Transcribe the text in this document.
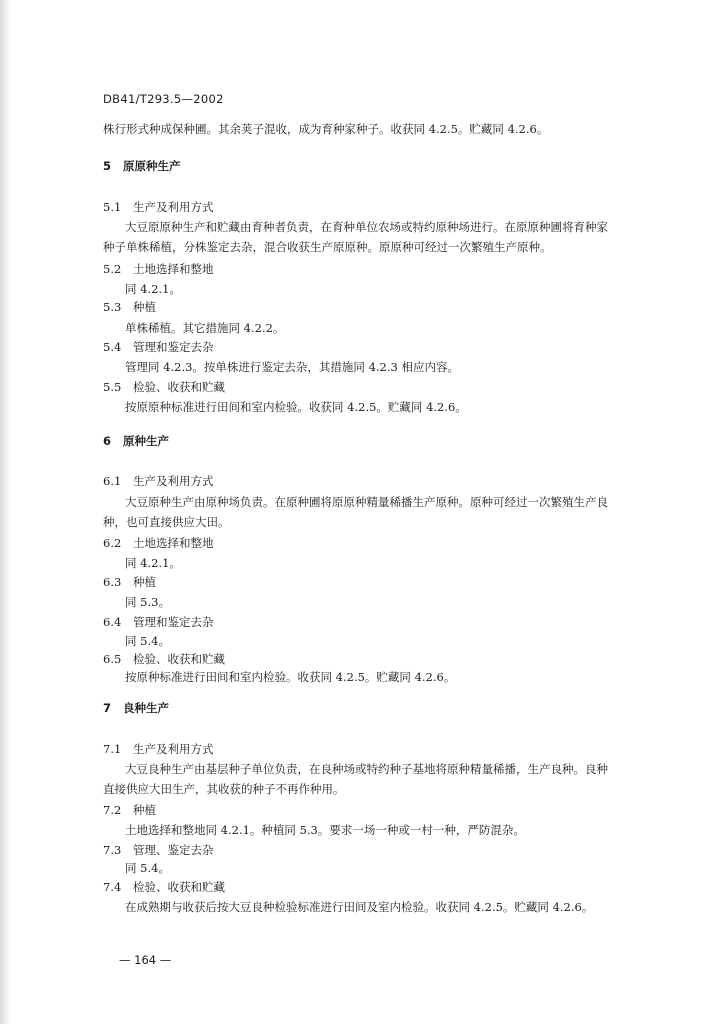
DB41/T293.5—2002
株行形式种成保种圃。其余荚子混收，成为育种家种子。收获同 4.2.5。贮藏同 4.2.6。
5 原原种生产
5.1 生产及利用方式
大豆原原种生产和贮藏由育种者负责，在育种单位农场或特约原种场进行。在原原种圃将育种家
种子单株稀植，分株鉴定去杂，混合收获生产原原种。原原种可经过一次繁殖生产原种。
5.2 土地选择和整地
同 4.2.1。
5.3 种植
单株稀植。其它措施同 4.2.2。
5.4 管理和鉴定去杂
管理同 4.2.3。按单株进行鉴定去杂，其措施同 4.2.3 相应内容。
5.5 检验、收获和贮藏
按原原种标准进行田间和室内检验。收获同 4.2.5。贮藏同 4.2.6。
6 原种生产
6.1 生产及利用方式
大豆原种生产由原种场负责。在原种圃将原原种精量稀播生产原种。原种可经过一次繁殖生产良
种，也可直接供应大田。
6.2 土地选择和整地
同 4.2.1。
6.3 种植
同 5.3。
6.4 管理和鉴定去杂
同 5.4。
6.5 检验、收获和贮藏
按原种标准进行田间和室内检验。收获同 4.2.5。贮藏同 4.2.6。
7 良种生产
7.1 生产及利用方式
大豆良种生产由基层种子单位负责，在良种场或特约种子基地将原种精量稀播，生产良种。良种
直接供应大田生产，其收获的种子不再作种用。
7.2 种植
土地选择和整地同 4.2.1。种植同 5.3。要求一场一种或一村一种，严防混杂。
7.3 管理、鉴定去杂
同 5.4。
7.4 检验、收获和贮藏
在成熟期与收获后按大豆良种检验标准进行田间及室内检验。收获同 4.2.5。贮藏同 4.2.6。
— 164 —
